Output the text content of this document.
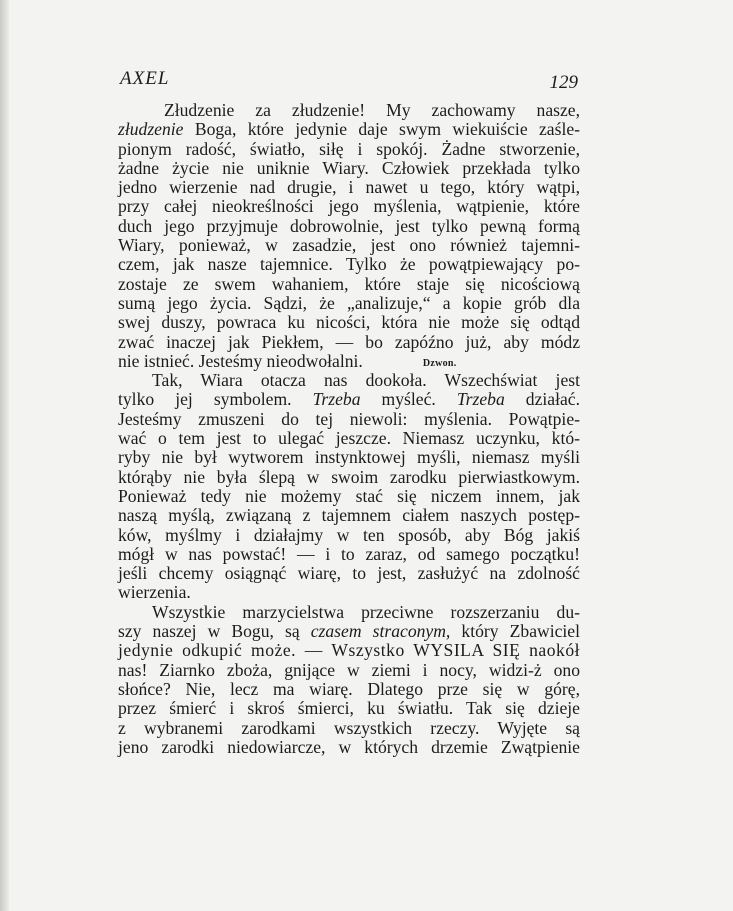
AXEL	129
Złudzenie za złudzenie! My zachowamy nasze,
złudzenie Boga, które jedynie daje swym wiekuiście zaśle-
pionym radość, światło, siłę i spokój. Żadne stworzenie,
żadne życie nie uniknie Wiary. Człowiek przekłada tylko
jedno wierzenie nad drugie, i nawet u tego, który wątpi,
przy całej nieokreślności jego myślenia, wątpienie, które
duch jego przyjmuje dobrowolnie, jest tylko pewną formą
Wiary, ponieważ, w zasadzie, jest ono również tajemni-
czem, jak nasze tajemnice. Tylko że powątpiewający po-
zostaje ze swem wahaniem, które staje się nicościową
sumą jego życia. Sądzi, że „analizuje,“ a kopie grób dla
swej duszy, powraca ku nicości, która nie może się odtąd
zwać inaczej jak Piekłem, — bo zapóźno już, aby módz
nie istnieć. Jesteśmy nieodwołalni.	Dzwon.
Tak, Wiara otacza nas dookoła. Wszechświat jest
tylko jej symbolem. Trzeba myśleć. Trzeba działać.
Jesteśmy zmuszeni do tej niewoli: myślenia. Powątpie-
wać o tem jest to ulegać jeszcze. Niemasz uczynku, któ-
ryby nie był wytworem instynktowej myśli, niemasz myśli
którąby nie była ślepą w swoim zarodku pierwiastkowym.
Ponieważ tedy nie możemy stać się niczem innem, jak
naszą myślą, związaną z tajemnem ciałem naszych postęp-
ków, myślmy i działajmy w ten sposób, aby Bóg jakiś
mógł w nas powstać! — i to zaraz, od samego początku!
jeśli chcemy osiągnąć wiarę, to jest, zasłużyć na zdolność
wierzenia.
Wszystkie marzycielstwa przeciwne rozszerzaniu du-
szy naszej w Bogu, są czasem straconym, który Zbawiciel
jedynie odkupić może. — Wszystko WYSILA SIĘ naokół
nas! Ziarnko zboża, gnijące w ziemi i nocy, widzi-ż ono
słońce? Nie, lecz ma wiarę. Dlatego prze się w górę,
przez śmierć i skroś śmierci, ku światłu. Tak się dzieje
z wybranemi zarodkami wszystkich rzeczy. Wyjęte są
jeno zarodki niedowiarcze, w których drzemie Zwątpienie
